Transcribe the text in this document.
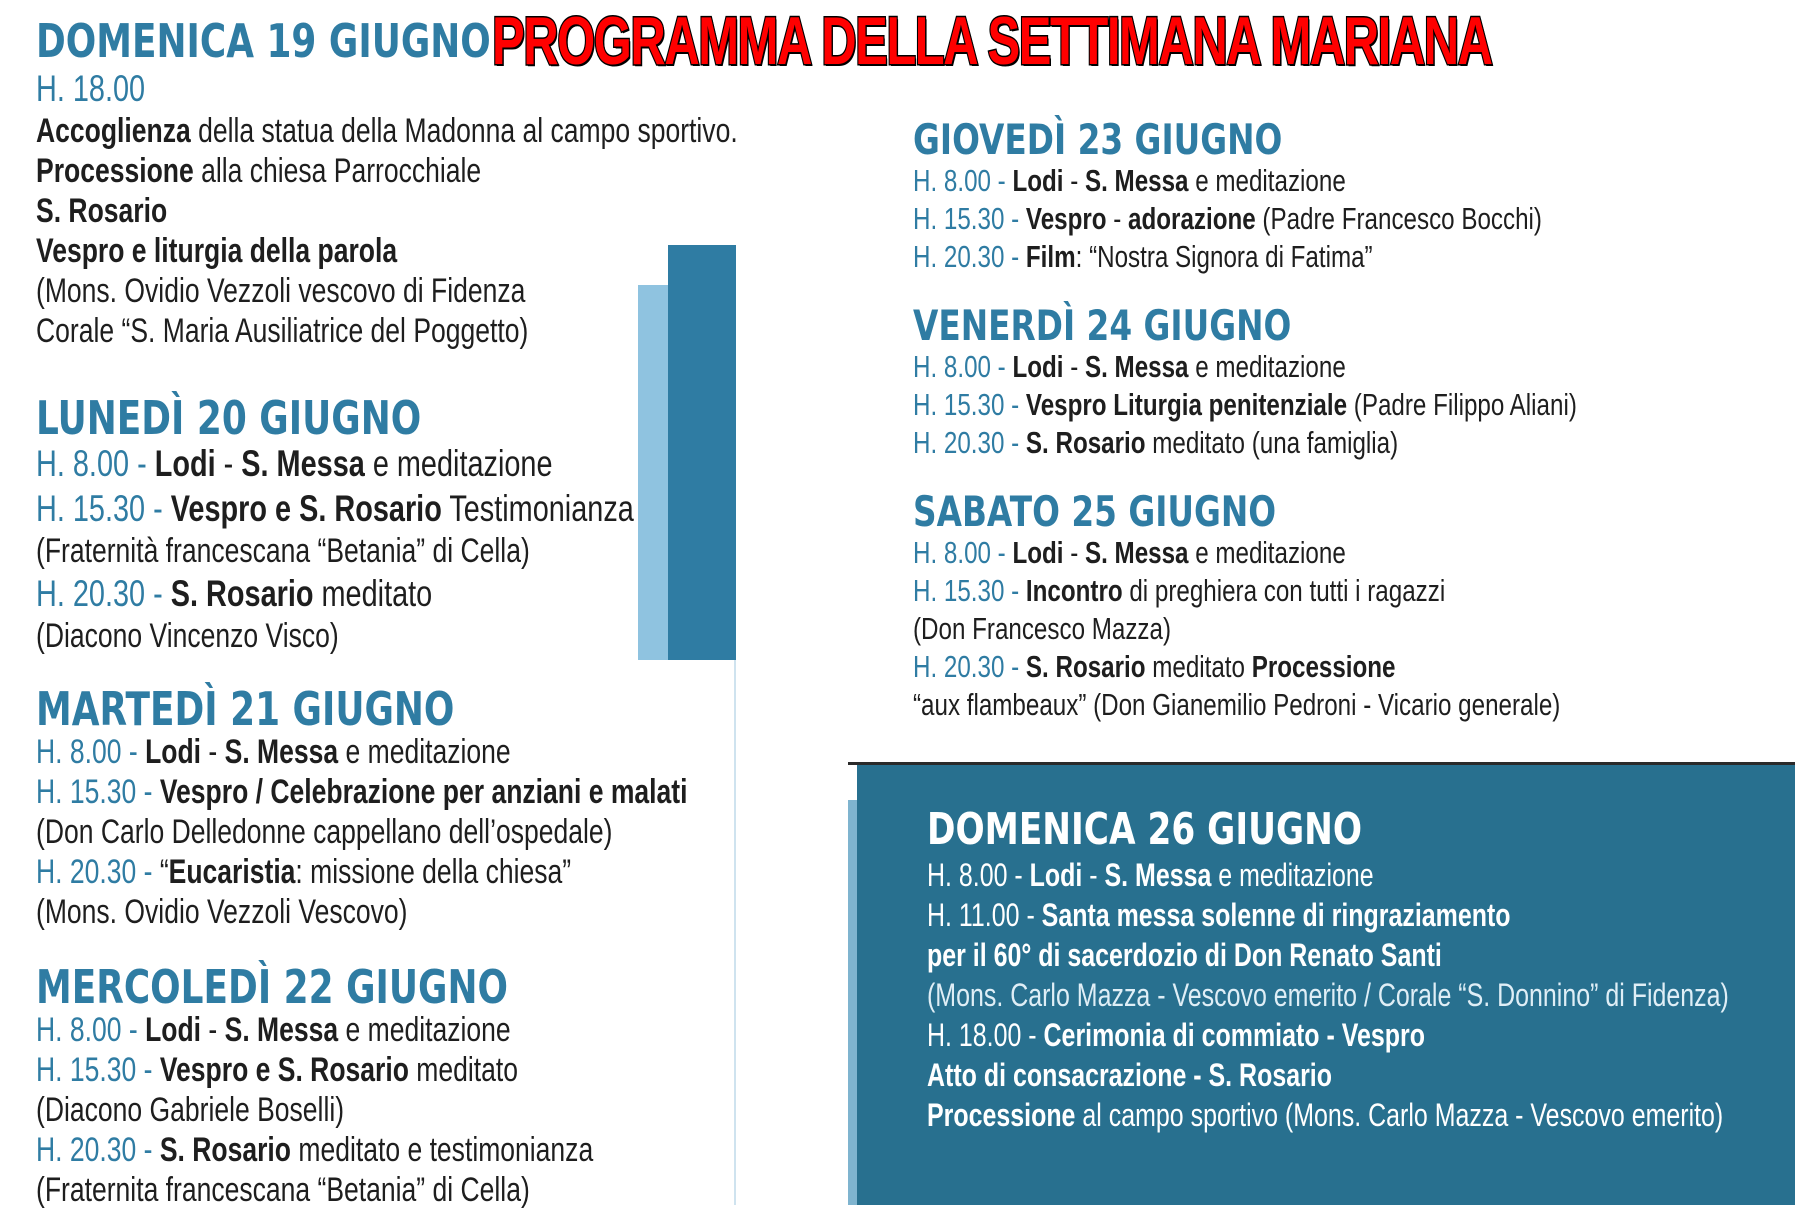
PROGRAMMA DELLA SETTIMANA MARIANA
DOMENICA 19 GIUGNO
H. 18.00
Accoglienza della statua della Madonna al campo sportivo.
Processione alla chiesa Parrocchiale
S. Rosario
Vespro e liturgia della parola
(Mons. Ovidio Vezzoli vescovo di Fidenza
Corale “S. Maria Ausiliatrice del Poggetto)
LUNEDÌ 20 GIUGNO
H. 8.00 - Lodi - S. Messa e meditazione
H. 15.30 - Vespro e S. Rosario Testimonianza
(Fraternità francescana “Betania” di Cella)
H. 20.30 - S. Rosario meditato
(Diacono Vincenzo Visco)
MARTEDÌ 21 GIUGNO
H. 8.00 - Lodi - S. Messa e meditazione
H. 15.30 - Vespro / Celebrazione per anziani e malati
(Don Carlo Delledonne cappellano dell’ospedale)
H. 20.30 - “Eucaristia: missione della chiesa”
(Mons. Ovidio Vezzoli Vescovo)
MERCOLEDÌ 22 GIUGNO
H. 8.00 - Lodi - S. Messa e meditazione
H. 15.30 - Vespro e S. Rosario meditato
(Diacono Gabriele Boselli)
H. 20.30 - S. Rosario meditato e testimonianza
(Fraternita francescana “Betania” di Cella)
GIOVEDÌ 23 GIUGNO
H. 8.00 - Lodi - S. Messa e meditazione
H. 15.30 - Vespro - adorazione (Padre Francesco Bocchi)
H. 20.30 - Film: “Nostra Signora di Fatima”
VENERDÌ 24 GIUGNO
H. 8.00 - Lodi - S. Messa e meditazione
H. 15.30 - Vespro Liturgia penitenziale (Padre Filippo Aliani)
H. 20.30 - S. Rosario meditato (una famiglia)
SABATO 25 GIUGNO
H. 8.00 - Lodi - S. Messa e meditazione
H. 15.30 - Incontro di preghiera con tutti i ragazzi
(Don Francesco Mazza)
H. 20.30 - S. Rosario meditato Processione
“aux flambeaux” (Don Gianemilio Pedroni - Vicario generale)
DOMENICA 26 GIUGNO
H. 8.00 - Lodi - S. Messa e meditazione
H. 11.00 - Santa messa solenne di ringraziamento
per il 60° di sacerdozio di Don Renato Santi
(Mons. Carlo Mazza - Vescovo emerito / Corale “S. Donnino” di Fidenza)
H. 18.00 - Cerimonia di commiato - Vespro
Atto di consacrazione - S. Rosario
Processione al campo sportivo (Mons. Carlo Mazza - Vescovo emerito)
